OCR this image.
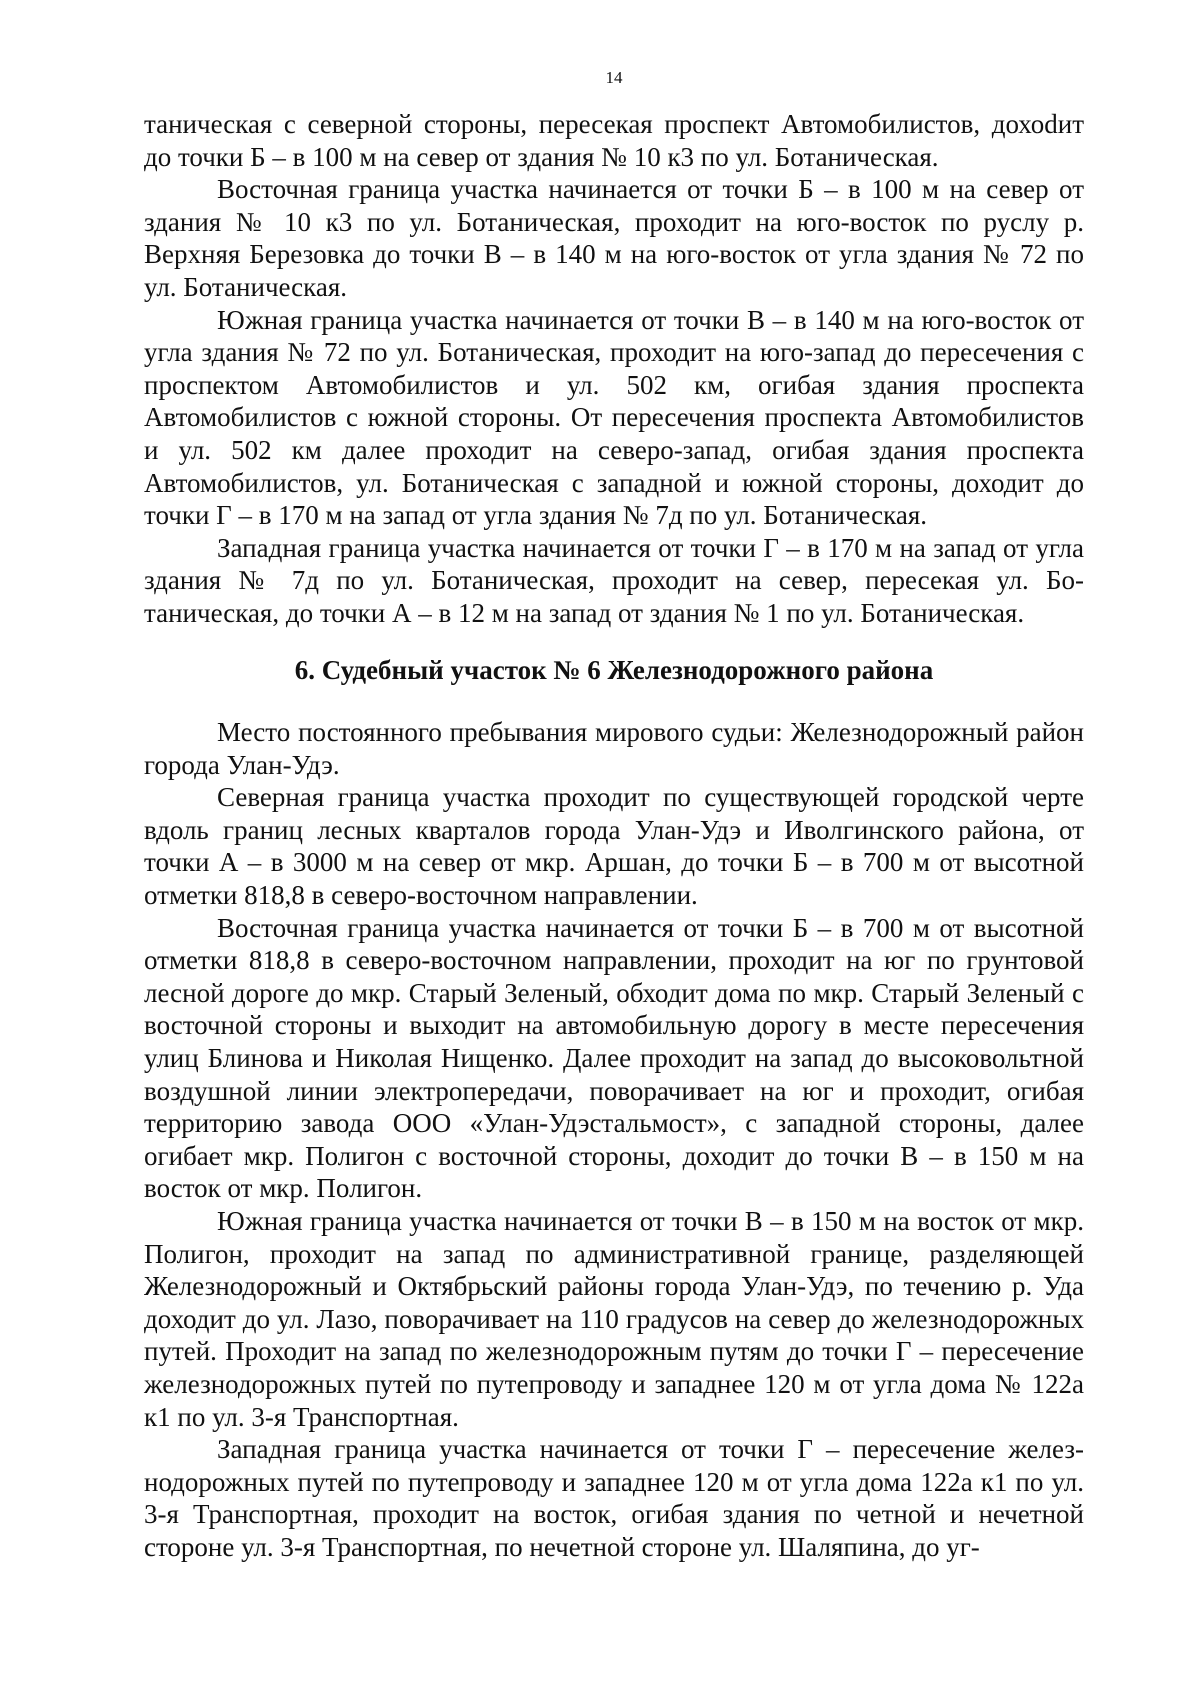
14

таническая с северной стороны, пересекая проспект Автомобилистов, дохоdит до точки Б – в 100 м на север от здания № 10 к3 по ул. Ботаническая.

Восточная граница участка начинается от точки Б – в 100 м на север от здания № 10 к3 по ул. Ботаническая, проходит на юго-восток по руслу р. Верхняя Березовка до точки В – в 140 м на юго-восток от угла здания № 72 по ул. Ботаническая.

Южная граница участка начинается от точки В – в 140 м на юго-восток от угла здания № 72 по ул. Ботаническая, проходит на юго-запад до пересечения с проспектом Автомобилистов и ул. 502 км, огибая здания проспекта Автомобилистов с южной стороны. От пересечения проспекта Автомобилистов и ул. 502 км далее проходит на северо-запад, огибая здания проспекта Автомобилистов, ул. Ботаническая с западной и южной стороны, доходит до точки Г – в 170 м на запад от угла здания № 7д по ул. Ботаническая.

Западная граница участка начинается от точки Г – в 170 м на запад от угла здания № 7д по ул. Ботаническая, проходит на север, пересекая ул. Ботаническая, до точки А – в 12 м на запад от здания № 1 по ул. Ботаническая.

6. Судебный участок № 6 Железнодорожного района

Место постоянного пребывания мирового судьи: Железнодорожный район города Улан-Удэ.

Северная граница участка проходит по существующей городской черте вдоль границ лесных кварталов города Улан-Удэ и Иволгинского района, от точки А – в 3000 м на север от мкр. Аршан, до точки Б – в 700 м от высотной отметки 818,8 в северо-восточном направлении.

Восточная граница участка начинается от точки Б – в 700 м от высотной отметки 818,8 в северо-восточном направлении, проходит на юг по грунтовой лесной дороге до мкр. Старый Зеленый, обходит дома по мкр. Старый Зеленый с восточной стороны и выходит на автомобильную дорогу в месте пересечения улиц Блинова и Николая Нищенко. Далее проходит на запад до высоковольтной воздушной линии электропередачи, поворачивает на юг и проходит, огибая территорию завода ООО «Улан-Удэстальмост», с западной стороны, далее огибает мкр. Полигон с восточной стороны, доходит до точки В – в 150 м на восток от мкр. Полигон.

Южная граница участка начинается от точки В – в 150 м на восток от мкр. Полигон, проходит на запад по административной границе, разделяющей Железнодорожный и Октябрьский районы города Улан-Удэ, по течению р. Уда доходит до ул. Лазо, поворачивает на 110 градусов на север до железнодорожных путей. Проходит на запад по железнодорожным путям до точки Г – пересечение железнодорожных путей по путепроводу и западнее 120 м от угла дома № 122а к1 по ул. 3-я Транспортная.

Западная граница участка начинается от точки Г – пересечение железнодорожных путей по путепроводу и западнее 120 м от угла дома 122а к1 по ул. 3-я Транспортная, проходит на восток, огибая здания по четной и нечетной стороне ул. 3-я Транспортная, по нечетной стороне ул. Шаляпина, до уг-
